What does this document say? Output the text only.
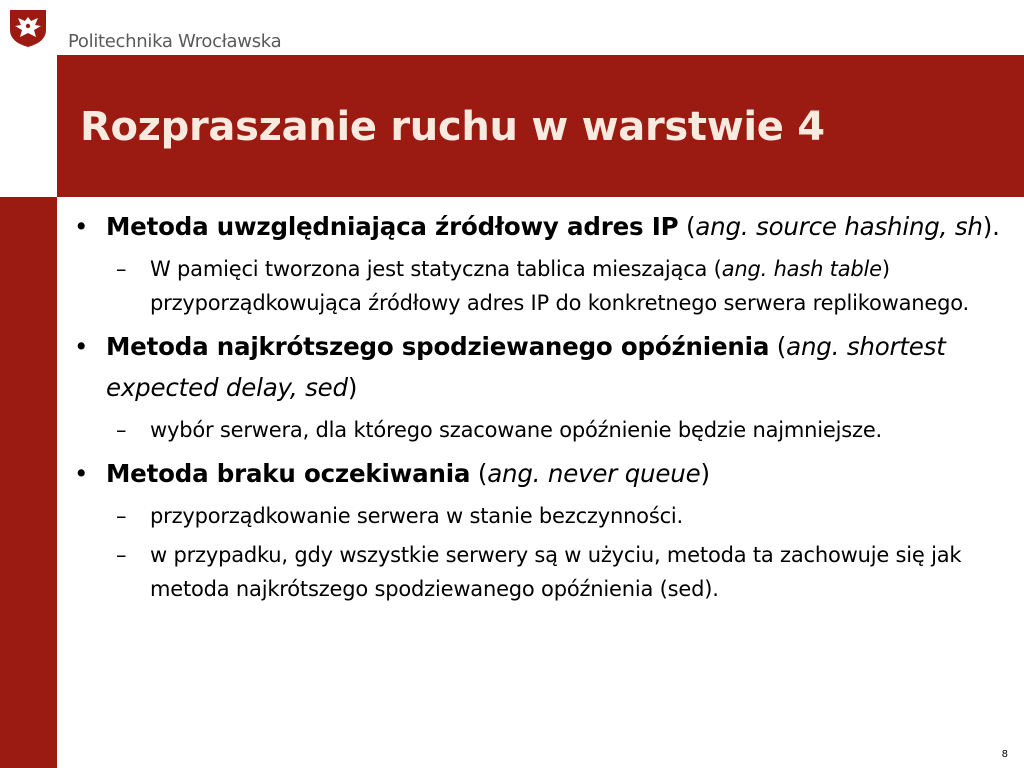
Politechnika Wrocławska
Rozpraszanie ruchu w warstwie 4
• Metoda uwzględniająca źródłowy adres IP (ang. source hashing, sh).
– W pamięci tworzona jest statyczna tablica mieszająca (ang. hash table) przyporządkowująca źródłowy adres IP do konkretnego serwera replikowanego.
• Metoda najkrótszego spodziewanego opóźnienia (ang. shortest expected delay, sed)
– wybór serwera, dla którego szacowane opóźnienie będzie najmniejsze.
• Metoda braku oczekiwania (ang. never queue)
– przyporządkowanie serwera w stanie bezczynności.
– w przypadku, gdy wszystkie serwery są w użyciu, metoda ta zachowuje się jak metoda najkrótszego spodziewanego opóźnienia (sed).
8
